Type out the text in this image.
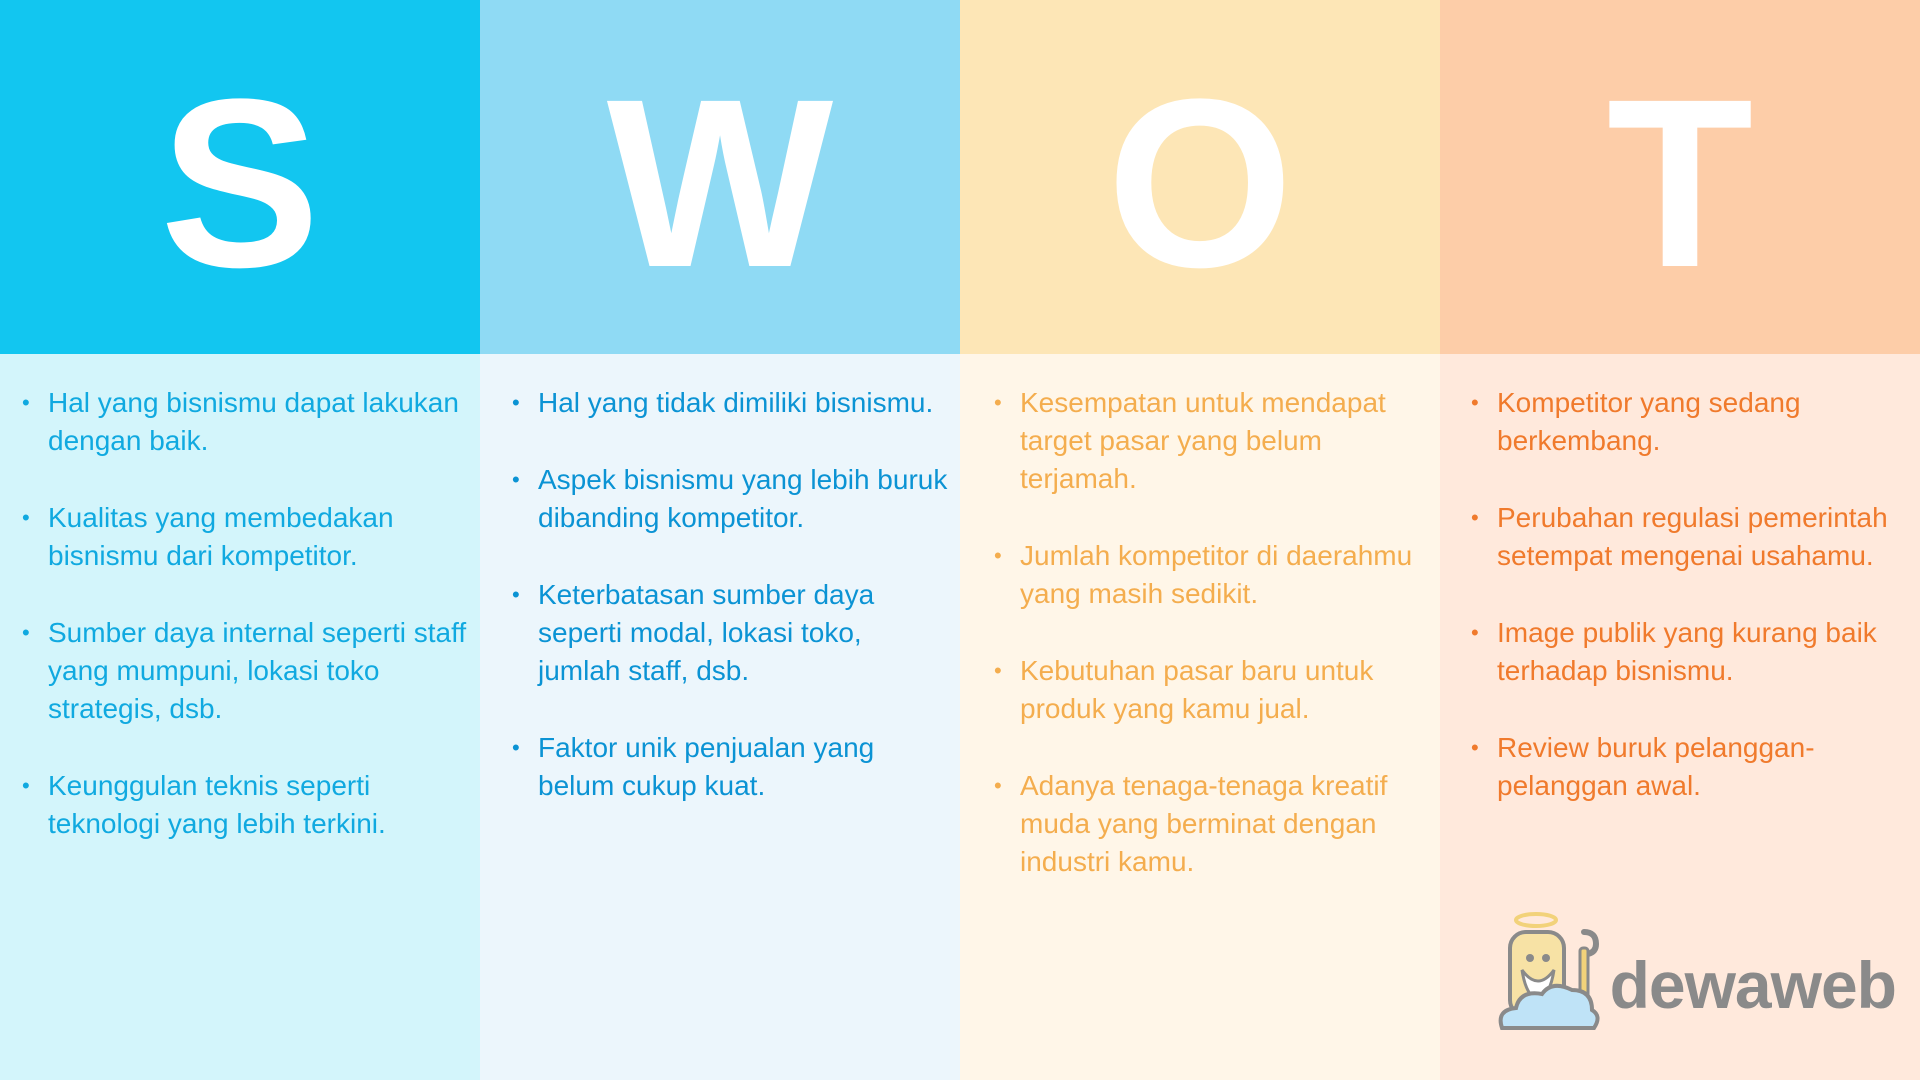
S
• Hal yang bisnismu dapat lakukan dengan baik.
• Kualitas yang membedakan bisnismu dari kompetitor.
• Sumber daya internal seperti staff yang mumpuni, lokasi toko strategis, dsb.
• Keunggulan teknis seperti teknologi yang lebih terkini.
W
• Hal yang tidak dimiliki bisnismu.
• Aspek bisnismu yang lebih buruk dibanding kompetitor.
• Keterbatasan sumber daya seperti modal, lokasi toko, jumlah staff, dsb.
• Faktor unik penjualan yang belum cukup kuat.
O
• Kesempatan untuk mendapat target pasar yang belum terjamah.
• Jumlah kompetitor di daerahmu yang masih sedikit.
• Kebutuhan pasar baru untuk produk yang kamu jual.
• Adanya tenaga-tenaga kreatif muda yang berminat dengan industri kamu.
T
• Kompetitor yang sedang berkembang.
• Perubahan regulasi pemerintah setempat mengenai usahamu.
• Image publik yang kurang baik terhadap bisnismu.
• Review buruk pelanggan-pelanggan awal.
dewaweb
